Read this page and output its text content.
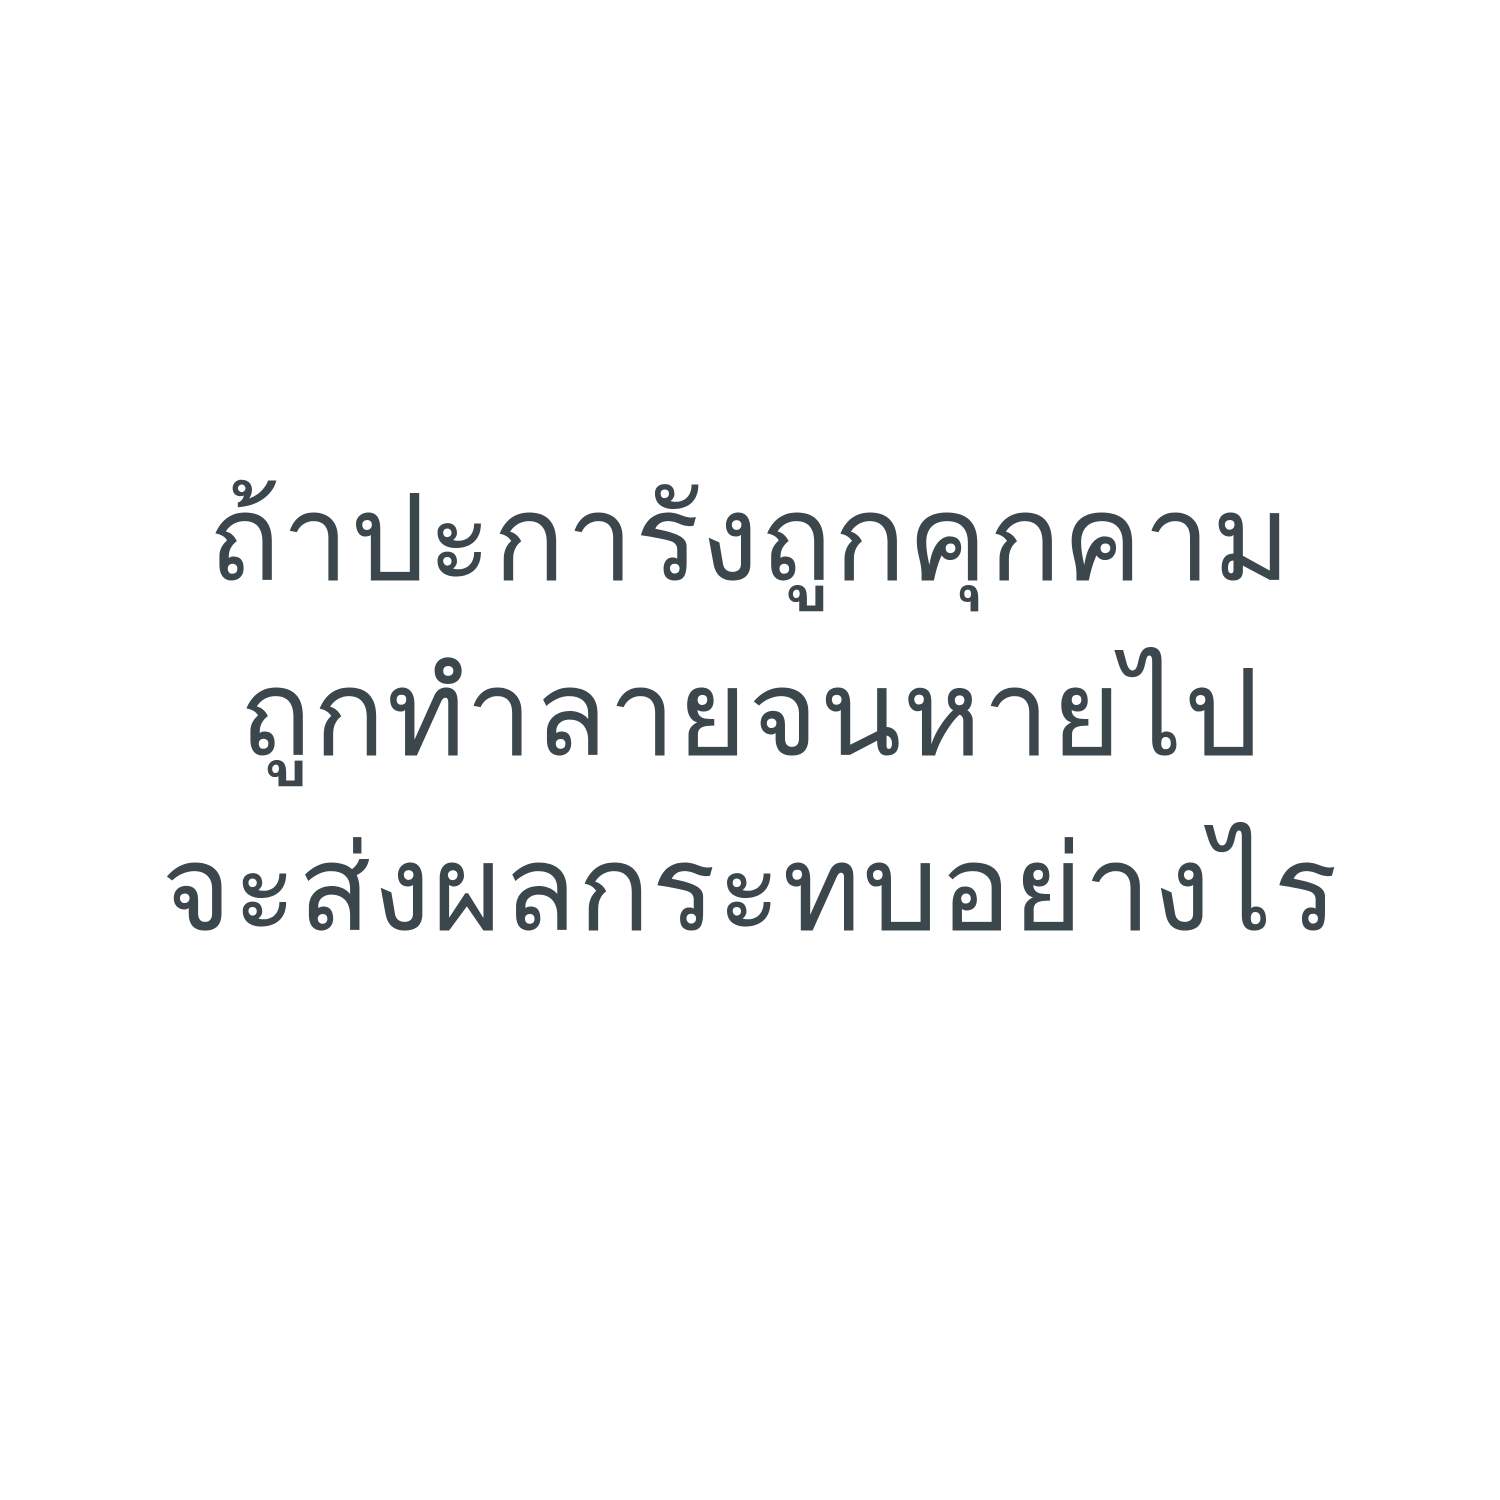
ถ้าปะการังถูกคุกคาม
ถูกทำลายจนหายไป
จะส่งผลกระทบอย่างไร
